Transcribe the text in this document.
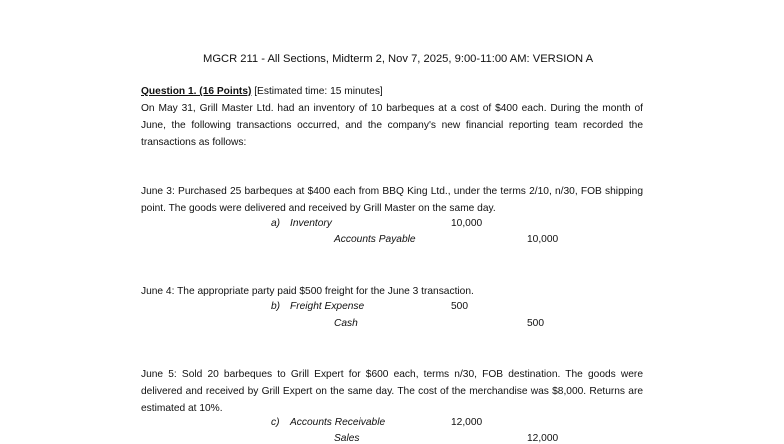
MGCR 211 - All Sections, Midterm 2, Nov 7, 2025, 9:00-11:00 AM: VERSION A
Question 1. (16 Points) [Estimated time: 15 minutes]
On May 31, Grill Master Ltd. had an inventory of 10 barbeques at a cost of $400 each. During the month of June, the following transactions occurred, and the company's new financial reporting team recorded the transactions as follows:
June 3: Purchased 25 barbeques at $400 each from BBQ King Ltd., under the terms 2/10, n/30, FOB shipping point. The goods were delivered and received by Grill Master on the same day.
a) Inventory	10,000
Accounts Payable	10,000
June 4: The appropriate party paid $500 freight for the June 3 transaction.
b) Freight Expense	500
Cash	500
June 5: Sold 20 barbeques to Grill Expert for $600 each, terms n/30, FOB destination. The goods were delivered and received by Grill Expert on the same day. The cost of the merchandise was $8,000. Returns are estimated at 10%.
c) Accounts Receivable	12,000
Sales	12,000
